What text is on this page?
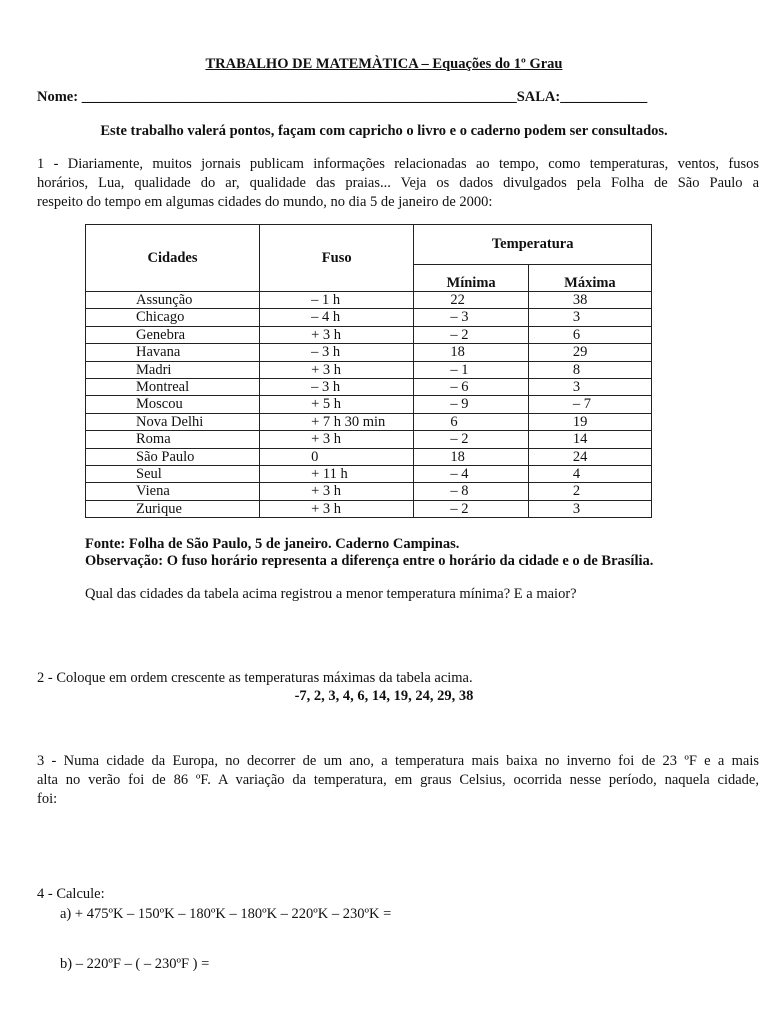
TRABALHO DE MATEMÀTICA – Equações do 1º Grau
Nome: ____________________________________________________________SALA:____________
Este trabalho valerá pontos, façam com capricho o livro e o caderno podem ser consultados.
1 - Diariamente, muitos jornais publicam informações relacionadas ao tempo, como temperaturas, ventos, fusos
horários, Lua, qualidade do ar, qualidade das praias... Veja os dados divulgados pela Folha de São Paulo a
respeito do tempo em algumas cidades do mundo, no dia 5 de janeiro de 2000:
Cidades	Fuso	Temperatura	
		Mínima	Máxima
Assunção	– 1 h	22	38
Chicago	– 4 h	– 3	3
Genebra	+ 3 h	– 2	6
Havana	– 3 h	18	29
Madri	+ 3 h	– 1	8
Montreal	– 3 h	– 6	3
Moscou	+ 5 h	– 9	– 7
Nova Delhi	+ 7 h 30 min	6	19
Roma	+ 3 h	– 2	14
São Paulo	0	18	24
Seul	+ 11 h	– 4	4
Viena	+ 3 h	– 8	2
Zurique	+ 3 h	– 2	3
Fonte: Folha de São Paulo, 5 de janeiro. Caderno Campinas.
Observação: O fuso horário representa a diferença entre o horário da cidade e o de Brasília.
Qual das cidades da tabela acima registrou a menor temperatura mínima? E a maior?
2 - Coloque em ordem crescente as temperaturas máximas da tabela acima.
-7, 2, 3, 4, 6, 14, 19, 24, 29, 38
3 - Numa cidade da Europa, no decorrer de um ano, a temperatura mais baixa no inverno foi de 23 ºF e a mais
alta no verão foi de 86 ºF. A variação da temperatura, em graus Celsius, ocorrida nesse período, naquela cidade,
foi:
4 - Calcule:
a) + 475ºK – 150ºK – 180ºK – 180ºK – 220ºK – 230ºK =
b) – 220ºF – ( – 230ºF ) =
